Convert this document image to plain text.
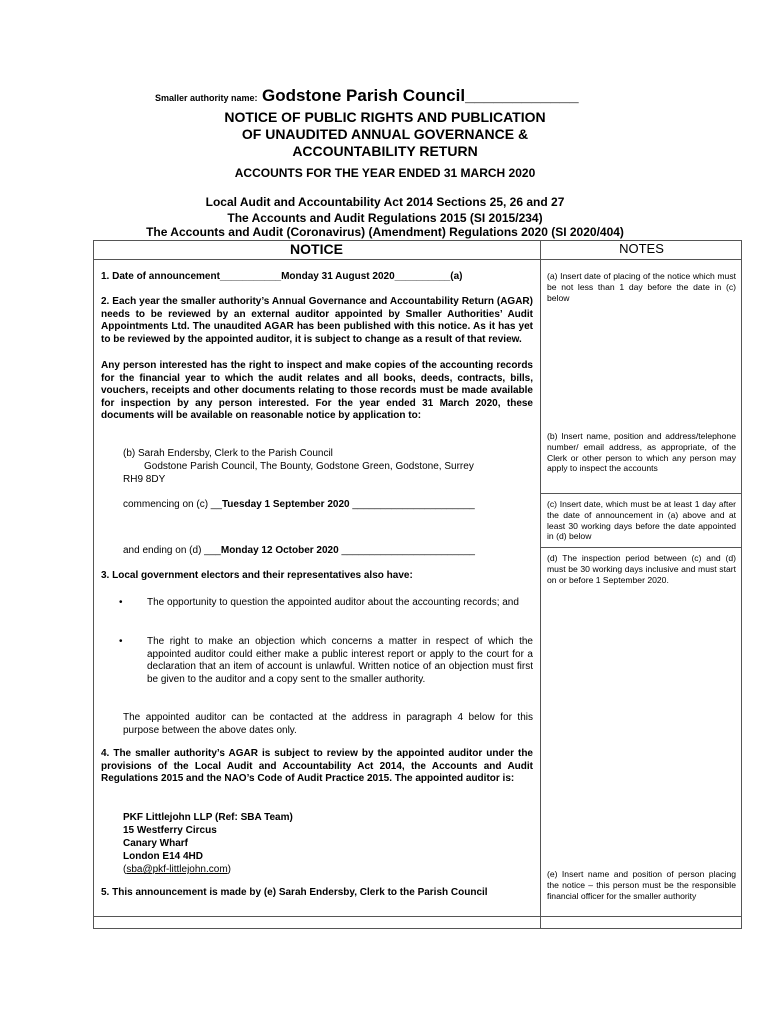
Smaller authority name: Godstone Parish Council____________
NOTICE OF PUBLIC RIGHTS AND PUBLICATION
OF UNAUDITED ANNUAL GOVERNANCE &
ACCOUNTABILITY RETURN
ACCOUNTS FOR THE YEAR ENDED 31 MARCH 2020
Local Audit and Accountability Act 2014 Sections 25, 26 and 27
The Accounts and Audit Regulations 2015 (SI 2015/234)
The Accounts and Audit (Coronavirus) (Amendment) Regulations 2020 (SI 2020/404)
NOTICE	NOTES
1. Date of announcement___________Monday 31 August 2020__________(a)
2. Each year the smaller authority’s Annual Governance and Accountability Return (AGAR) needs to be reviewed by an external auditor appointed by Smaller Authorities’ Audit Appointments Ltd. The unaudited AGAR has been published with this notice. As it has yet to be reviewed by the appointed auditor, it is subject to change as a result of that review.
Any person interested has the right to inspect and make copies of the accounting records for the financial year to which the audit relates and all books, deeds, contracts, bills, vouchers, receipts and other documents relating to those records must be made available for inspection by any person interested. For the year ended 31 March 2020, these documents will be available on reasonable notice by application to:
(b) Sarah Endersby, Clerk to the Parish Council
Godstone Parish Council, The Bounty, Godstone Green, Godstone, Surrey
RH9 8DY
commencing on (c) __Tuesday 1 September 2020 ______________________
and ending on (d) ___Monday 12 October 2020 ________________________
3. Local government electors and their representatives also have:
• The opportunity to question the appointed auditor about the accounting records; and
• The right to make an objection which concerns a matter in respect of which the appointed auditor could either make a public interest report or apply to the court for a declaration that an item of account is unlawful. Written notice of an objection must first be given to the auditor and a copy sent to the smaller authority.
The appointed auditor can be contacted at the address in paragraph 4 below for this purpose between the above dates only.
4. The smaller authority’s AGAR is subject to review by the appointed auditor under the provisions of the Local Audit and Accountability Act 2014, the Accounts and Audit Regulations 2015 and the NAO’s Code of Audit Practice 2015. The appointed auditor is:
PKF Littlejohn LLP (Ref: SBA Team)
15 Westferry Circus
Canary Wharf
London E14 4HD
(sba@pkf-littlejohn.com)
5. This announcement is made by (e) Sarah Endersby, Clerk to the Parish Council
(a) Insert date of placing of the notice which must be not less than 1 day before the date in (c) below
(b) Insert name, position and address/telephone number/ email address, as appropriate, of the Clerk or other person to which any person may apply to inspect the accounts
(c) Insert date, which must be at least 1 day after the date of announcement in (a) above and at least 30 working days before the date appointed in (d) below
(d) The inspection period between (c) and (d) must be 30 working days inclusive and must start on or before 1 September 2020.
(e) Insert name and position of person placing the notice – this person must be the responsible financial officer for the smaller authority
